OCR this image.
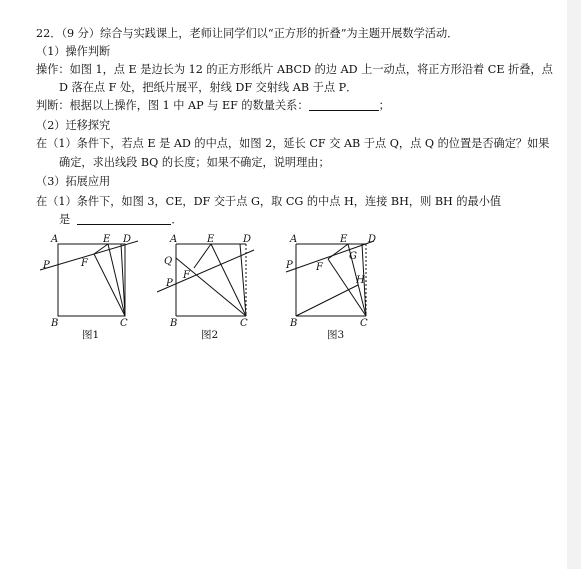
22．（9 分）综合与实践课上，老师让同学们以“正方形的折叠”为主题开展数学活动．
（1）操作判断
操作：如图 1，点 E 是边长为 12 的正方形纸片 ABCD 的边 AD 上一动点，将正方形沿着 CE 折叠，点
D 落在点 F 处，把纸片展平，射线 DF 交射线 AB 于点 P．
判断：根据以上操作，图 1 中 AP 与 EF 的数量关系：	；
（2）迁移探究
在（1）条件下，若点 E 是 AD 的中点，如图 2，延长 CF 交 AB 于点 Q，点 Q 的位置是否确定？如果
确定，求出线段 BQ 的长度；如果不确定，说明理由；
（3）拓展应用
在（1）条件下，如图 3，CE，DF 交于点 G，取 CG 的中点 H，连接 BH，则 BH 的最小值
是	．
A	E D
P	F
B	C
图1
A	E	D
Q
P
F
B	C
图2
A	E D
G
P F
H
B	C
图3
